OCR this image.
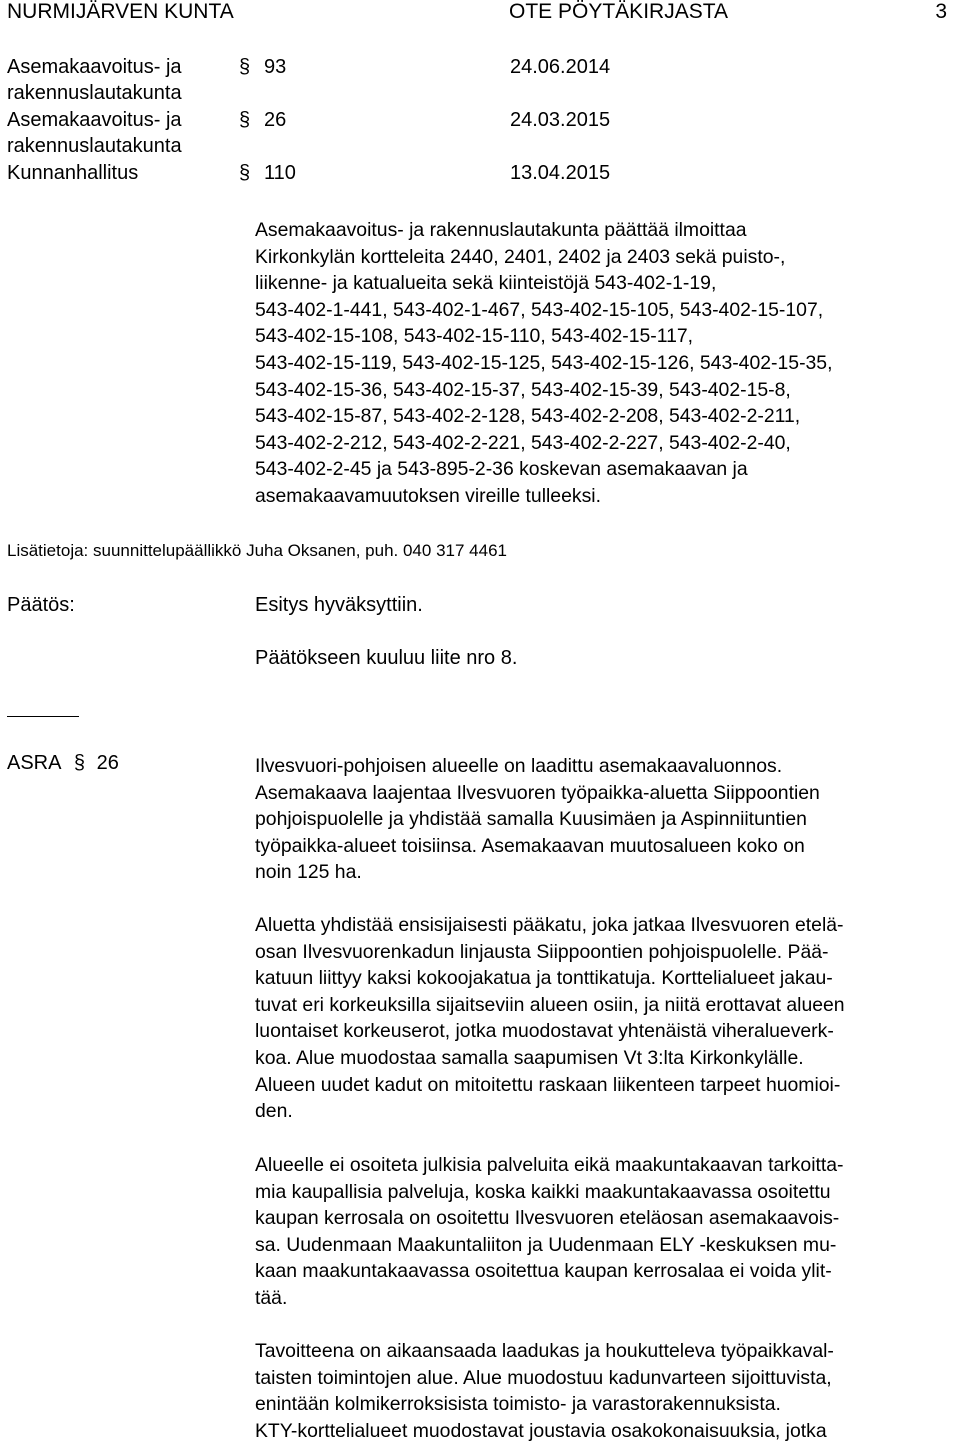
NURMIJÄRVEN KUNTA	OTE PÖYTÄKIRJASTA	3
Asemakaavoitus- ja
rakennuslautakunta
§ 93	24.06.2014
Asemakaavoitus- ja
rakennuslautakunta
§ 26	24.03.2015
Kunnanhallitus	§ 110	13.04.2015
Asemakaavoitus- ja rakennuslautakunta päättää ilmoittaa
Kirkonkylän kortteleita 2440, 2401, 2402 ja 2403 sekä puisto-,
liikenne- ja katualueita sekä kiinteistöjä 543-402-1-19,
543-402-1-441, 543-402-1-467, 543-402-15-105, 543-402-15-107,
543-402-15-108, 543-402-15-110, 543-402-15-117,
543-402-15-119, 543-402-15-125, 543-402-15-126, 543-402-15-35,
543-402-15-36, 543-402-15-37, 543-402-15-39, 543-402-15-8,
543-402-15-87, 543-402-2-128, 543-402-2-208, 543-402-2-211,
543-402-2-212, 543-402-2-221, 543-402-2-227, 543-402-2-40,
543-402-2-45 ja 543-895-2-36 koskevan asemakaavan ja
asemakaavamuutoksen vireille tulleeksi.
Lisätietoja: suunnittelupäällikkö Juha Oksanen, puh. 040 317 4461
Päätös:	Esitys hyväksyttiin.
Päätökseen kuuluu liite nro 8.
ASRA § 26	Ilvesvuori-pohjoisen alueelle on laadittu asemakaavaluonnos.
Asemakaava laajentaa Ilvesvuoren työpaikka-aluetta Siippoontien
pohjoispuolelle ja yhdistää samalla Kuusimäen ja Aspinniituntien
työpaikka-alueet toisiinsa. Asemakaavan muutosalueen koko on
noin 125 ha.
Aluetta yhdistää ensisijaisesti pääkatu, joka jatkaa Ilvesvuoren etelä-
osan Ilvesvuorenkadun linjausta Siippoontien pohjoispuolelle. Pää-
katuun liittyy kaksi kokoojakatua ja tonttikatuja. Korttelialueet jakau-
tuvat eri korkeuksilla sijaitseviin alueen osiin, ja niitä erottavat alueen
luontaiset korkeuserot, jotka muodostavat yhtenäistä viheralueverk-
koa. Alue muodostaa samalla saapumisen Vt 3:lta Kirkonkylälle.
Alueen uudet kadut on mitoitettu raskaan liikenteen tarpeet huomioi-
den.
Alueelle ei osoiteta julkisia palveluita eikä maakuntakaavan tarkoitta-
mia kaupallisia palveluja, koska kaikki maakuntakaavassa osoitettu
kaupan kerrosala on osoitettu Ilvesvuoren eteläosan asemakaavois-
sa. Uudenmaan Maakuntaliiton ja Uudenmaan ELY -keskuksen mu-
kaan maakuntakaavassa osoitettua kaupan kerrosalaa ei voida ylit-
tää.
Tavoitteena on aikaansaada laadukas ja houkutteleva työpaikkaval-
taisten toimintojen alue. Alue muodostuu kadunvarteen sijoittuvista,
enintään kolmikerroksisista toimisto- ja varastorakennuksista.
KTY-korttelialueet muodostavat joustavia osakokonaisuuksia, jotka
